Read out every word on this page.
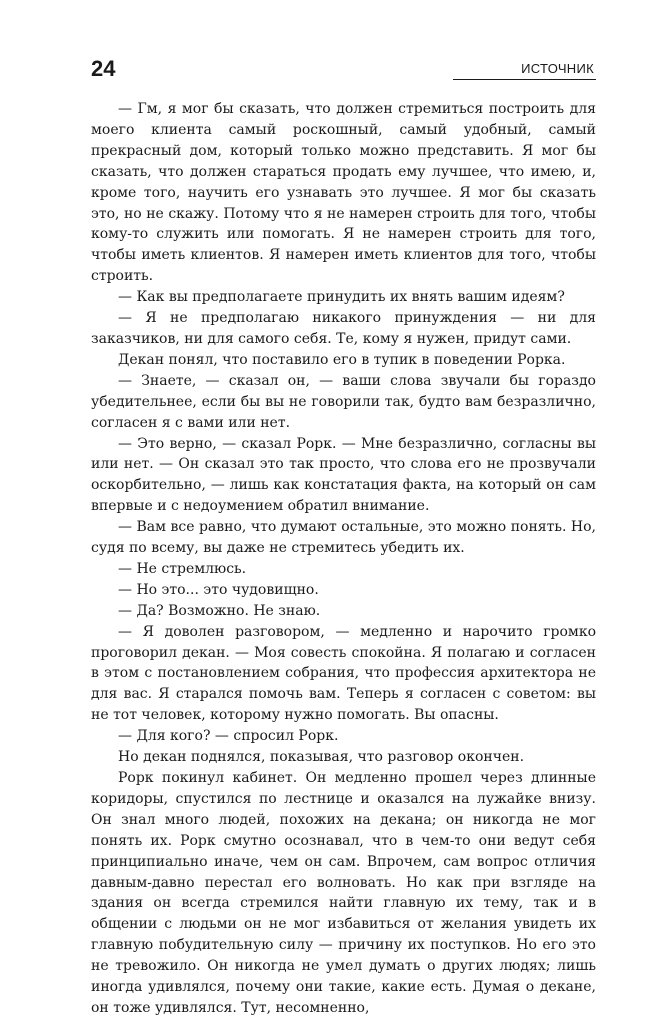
24	ИСТОЧНИК

— Гм, я мог бы сказать, что должен стремиться построить для моего клиента самый роскошный, самый удобный, самый прекрасный дом, который только можно представить. Я мог бы сказать, что должен стараться продать ему лучшее, что имею, и, кроме того, научить его узнавать это лучшее. Я мог бы сказать это, но не скажу. Потому что я не намерен строить для того, чтобы кому-то служить или помогать. Я не намерен строить для того, чтобы иметь клиентов. Я намерен иметь клиентов для того, чтобы строить.

— Как вы предполагаете принудить их внять вашим идеям?

— Я не предполагаю никакого принуждения — ни для заказчиков, ни для самого себя. Те, кому я нужен, придут сами.

Декан понял, что поставило его в тупик в поведении Рорка.

— Знаете, — сказал он, — ваши слова звучали бы гораздо убедительнее, если бы вы не говорили так, будто вам безразлично, согласен я с вами или нет.

— Это верно, — сказал Рорк. — Мне безразлично, согласны вы или нет. — Он сказал это так просто, что слова его не прозвучали оскорбительно, — лишь как констатация факта, на который он сам впервые и с недоумением обратил внимание.

— Вам все равно, что думают остальные, это можно понять. Но, судя по всему, вы даже не стремитесь убедить их.

— Не стремлюсь.

— Но это... это чудовищно.

— Да? Возможно. Не знаю.

— Я доволен разговором, — медленно и нарочито громко проговорил декан. — Моя совесть спокойна. Я полагаю и согласен в этом с постановлением собрания, что профессия архитектора не для вас. Я старался помочь вам. Теперь я согласен с советом: вы не тот человек, которому нужно помогать. Вы опасны.

— Для кого? — спросил Рорк.

Но декан поднялся, показывая, что разговор окончен.

Рорк покинул кабинет. Он медленно прошел через длинные коридоры, спустился по лестнице и оказался на лужайке внизу. Он знал много людей, похожих на декана; он никогда не мог понять их. Рорк смутно осознавал, что в чем-то они ведут себя принципиально иначе, чем он сам. Впрочем, сам вопрос отличия давным-давно перестал его волновать. Но как при взгляде на здания он всегда стремился найти главную их тему, так и в общении с людьми он не мог избавиться от желания увидеть их главную побудительную силу — причину их поступков. Но его это не тревожило. Он никогда не умел думать о других людях; лишь иногда удивлялся, почему они такие, какие есть. Думая о декане, он тоже удивлялся. Тут, несомненно,
